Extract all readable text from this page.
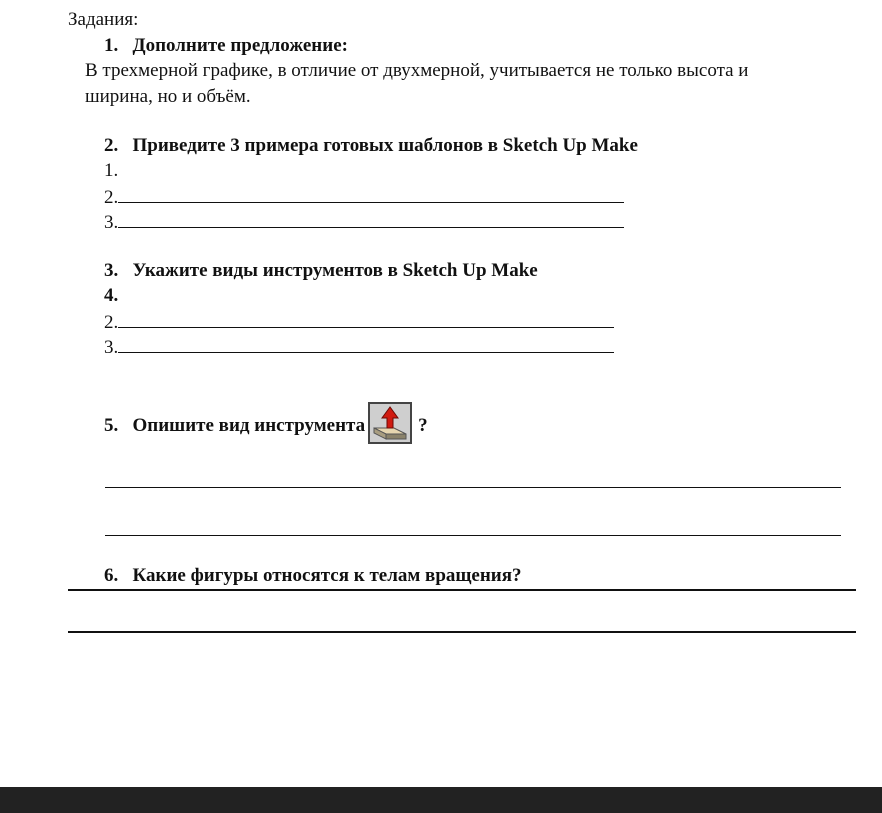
Задания:
1. Дополните предложение:
В трехмерной графике, в отличие от двухмерной, учитывается не только высота и
ширина, но и объём.
2. Приведите 3 примера готовых шаблонов в Sketch Up Make
1.
2.
3.
3. Укажите виды инструментов в Sketch Up Make
4.
2.
3.
5. Опишите вид инструмента	?
6. Какие фигуры относятся к телам вращения?
